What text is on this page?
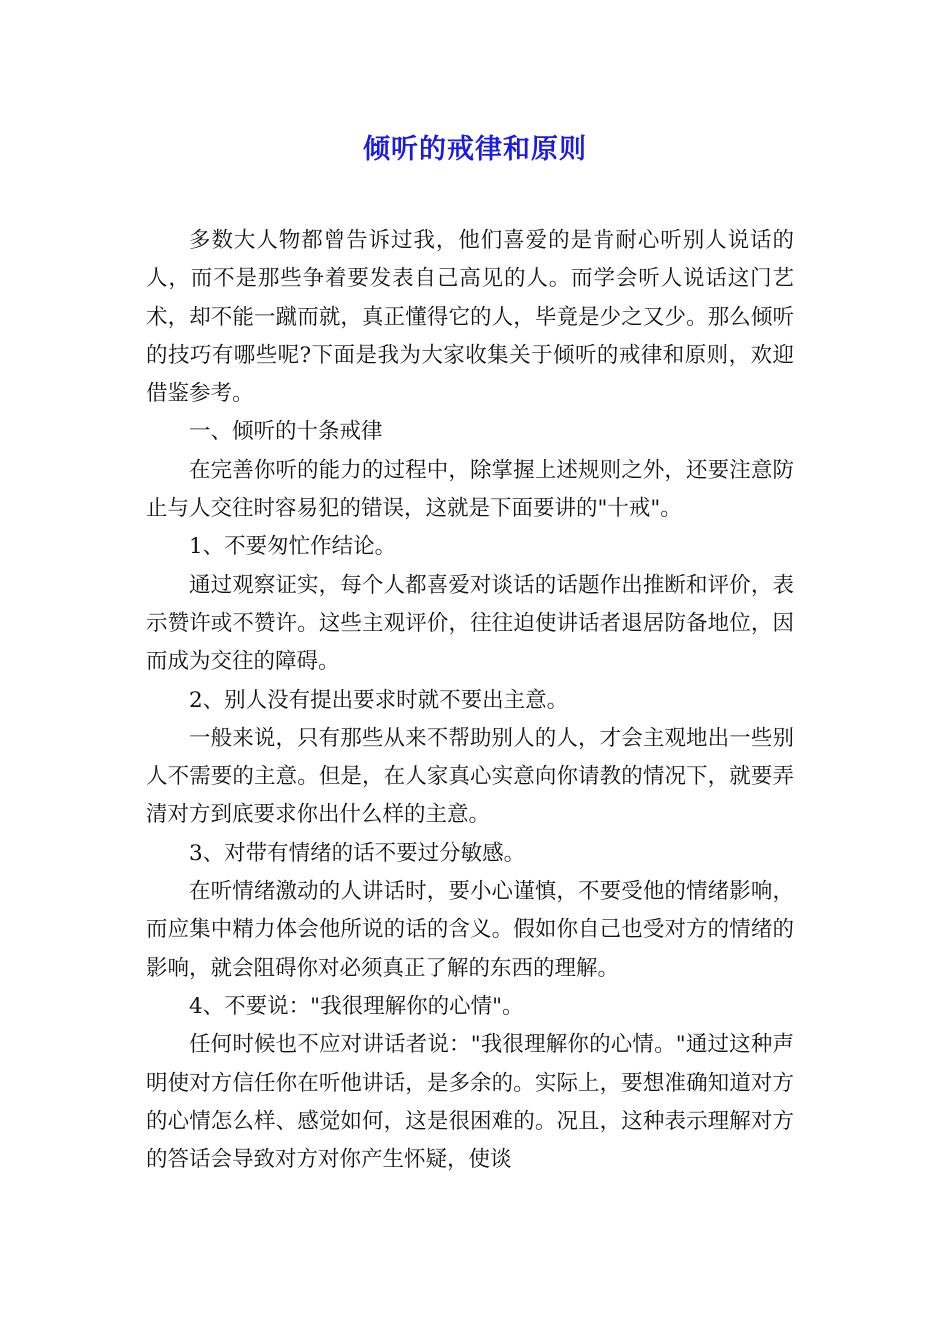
倾听的戒律和原则

多数大人物都曾告诉过我，他们喜爱的是肯耐心听别人说话的人，而不是那些争着要发表自己高见的人。而学会听人说话这门艺术，却不能一蹴而就，真正懂得它的人，毕竟是少之又少。那么倾听的技巧有哪些呢?下面是我为大家收集关于倾听的戒律和原则，欢迎借鉴参考。

一、倾听的十条戒律

在完善你听的能力的过程中，除掌握上述规则之外，还要注意防止与人交往时容易犯的错误，这就是下面要讲的"十戒"。

1、不要匆忙作结论。

通过观察证实，每个人都喜爱对谈话的话题作出推断和评价，表示赞许或不赞许。这些主观评价，往往迫使讲话者退居防备地位，因而成为交往的障碍。

2、别人没有提出要求时就不要出主意。

一般来说，只有那些从来不帮助别人的人，才会主观地出一些别人不需要的主意。但是，在人家真心实意向你请教的情况下，就要弄清对方到底要求你出什么样的主意。

3、对带有情绪的话不要过分敏感。

在听情绪激动的人讲话时，要小心谨慎，不要受他的情绪影响，而应集中精力体会他所说的话的含义。假如你自己也受对方的情绪的影响，就会阻碍你对必须真正了解的东西的理解。

4、不要说："我很理解你的心情"。

任何时候也不应对讲话者说："我很理解你的心情。"通过这种声明使对方信任你在听他讲话，是多余的。实际上，要想准确知道对方的心情怎么样、感觉如何，这是很困难的。况且，这种表示理解对方的答话会导致对方对你产生怀疑，使谈
